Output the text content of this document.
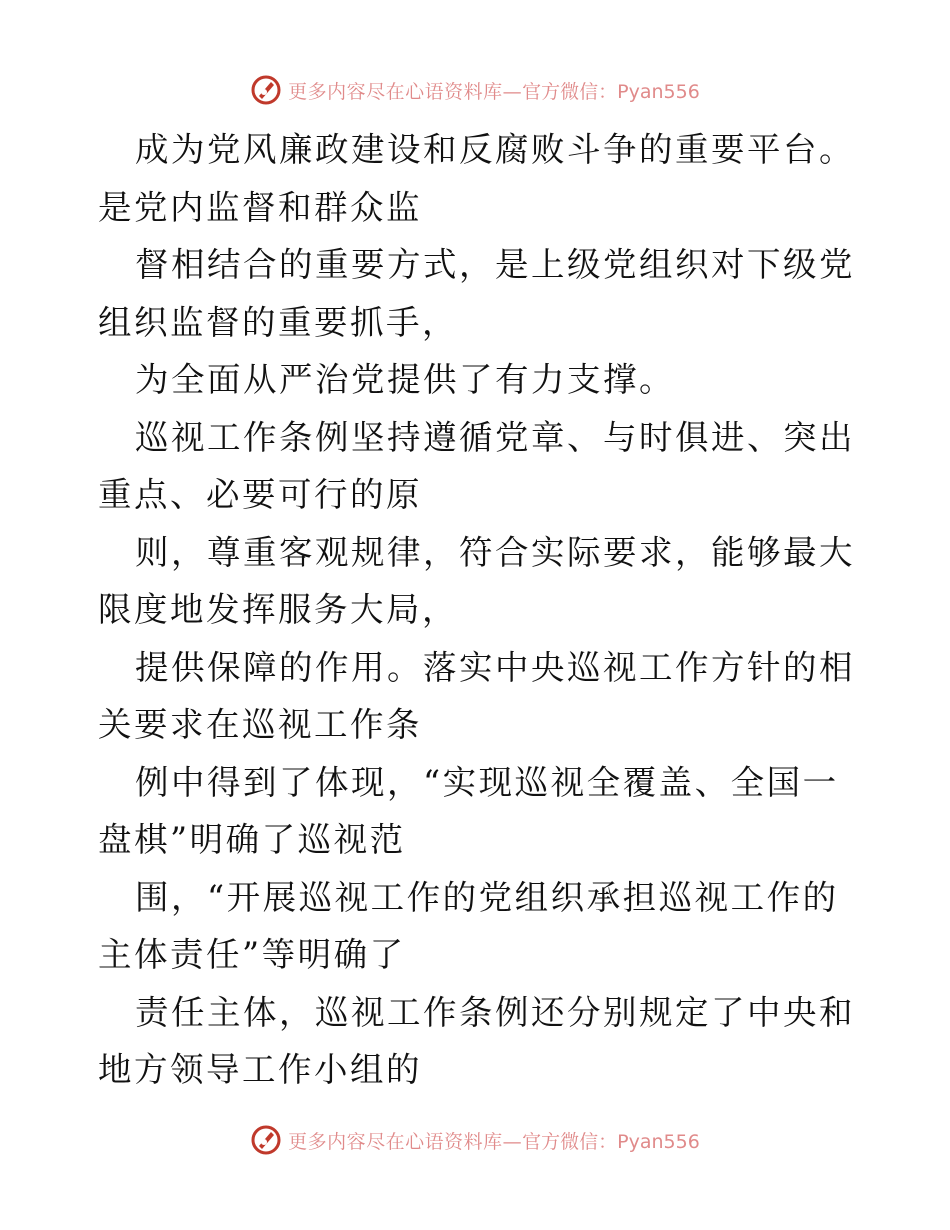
更多内容尽在心语资料库—官方微信：Pyan556

成为党风廉政建设和反腐败斗争的重要平台。是党内监督和群众监

督相结合的重要方式，是上级党组织对下级党组织监督的重要抓手，

为全面从严治党提供了有力支撑。

巡视工作条例坚持遵循党章、与时俱进、突出重点、必要可行的原

则，尊重客观规律，符合实际要求，能够最大限度地发挥服务大局，

提供保障的作用。落实中央巡视工作方针的相关要求在巡视工作条

例中得到了体现，“实现巡视全覆盖、全国一盘棋”明确了巡视范

围，“开展巡视工作的党组织承担巡视工作的主体责任”等明确了

责任主体，巡视工作条例还分别规定了中央和地方领导工作小组的

更多内容尽在心语资料库—官方微信：Pyan556
